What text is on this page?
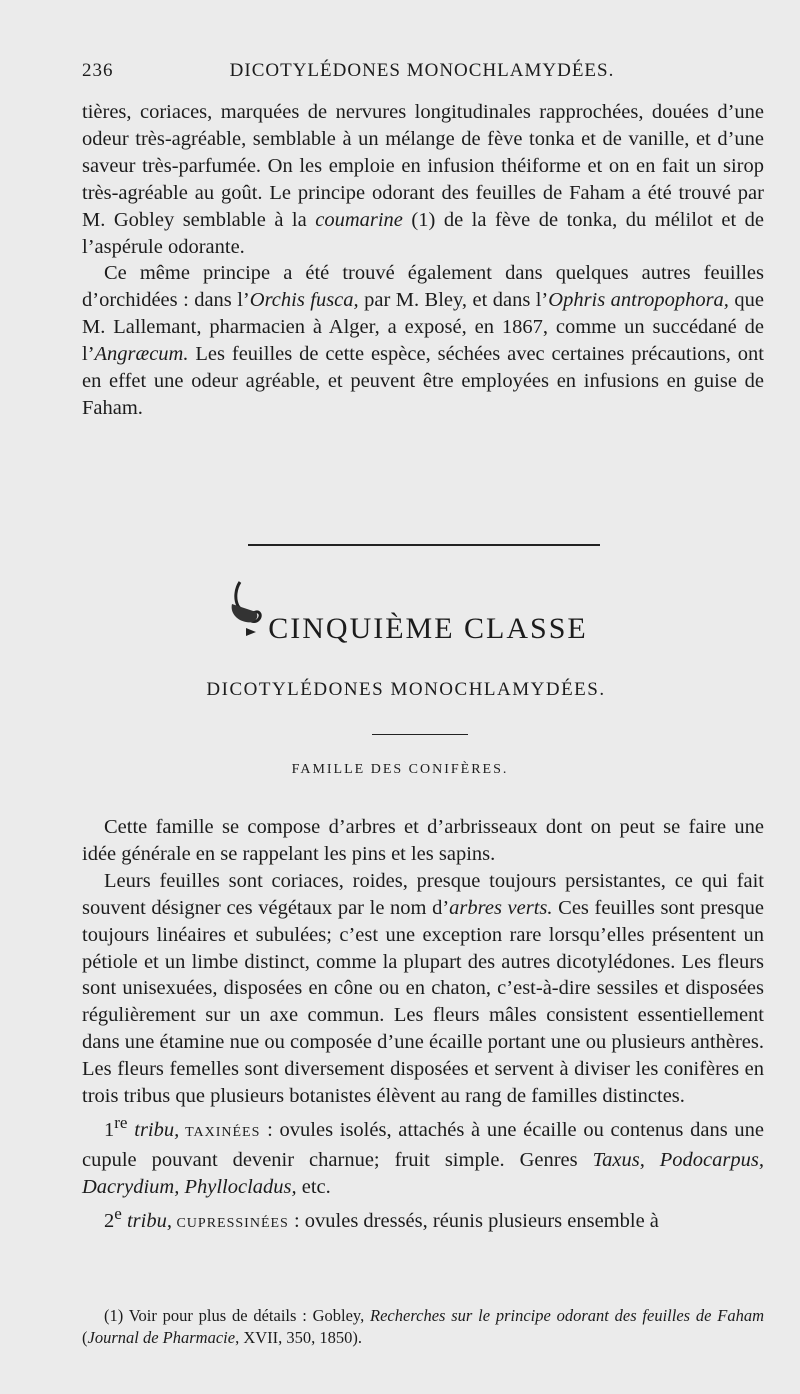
236	DICOTYLÉDONES MONOCHLAMYDÉES.

tières, coriaces, marquées de nervures longitudinales rapprochées, douées d’une odeur très-agréable, semblable à un mélange de fève tonka et de vanille, et d’une saveur très-parfumée. On les emploie en infusion théiforme et on en fait un sirop très-agréable au goût. Le principe odorant des feuilles de Faham a été trouvé par M. Gobley semblable à la coumarine (1) de la fève de tonka, du mélilot et de l’aspérule odorante.

Ce même principe a été trouvé également dans quelques autres feuilles d’orchidées : dans l’Orchis fusca, par M. Bley, et dans l’Ophris antropophora, que M. Lallemant, pharmacien à Alger, a exposé, en 1867, comme un succédané de l’Angræcum. Les feuilles de cette espèce, séchées avec certaines précautions, ont en effet une odeur agréable, et peuvent être employées en infusions en guise de Faham.

CINQUIÈME CLASSE
DICOTYLÉDONES MONOCHLAMYDÉES.
FAMILLE DES CONIFÈRES.

Cette famille se compose d’arbres et d’arbrisseaux dont on peut se faire une idée générale en se rappelant les pins et les sapins.

Leurs feuilles sont coriaces, roides, presque toujours persistantes, ce qui fait souvent désigner ces végétaux par le nom d’arbres verts. Ces feuilles sont presque toujours linéaires et subulées; c’est une exception rare lorsqu’elles présentent un pétiole et un limbe distinct, comme la plupart des autres dicotylédones. Les fleurs sont unisexuées, disposées en cône ou en chaton, c’est-à-dire sessiles et disposées régulièrement sur un axe commun. Les fleurs mâles consistent essentiellement dans une étamine nue ou composée d’une écaille portant une ou plusieurs anthères. Les fleurs femelles sont diversement disposées et servent à diviser les conifères en trois tribus que plusieurs botanistes élèvent au rang de familles distinctes.

1re tribu, TAXINÉES : ovules isolés, attachés à une écaille ou contenus dans une cupule pouvant devenir charnue; fruit simple. Genres Taxus, Podocarpus, Dacrydium, Phyllocladus, etc.

2e tribu, CUPRESSINÉES : ovules dressés, réunis plusieurs ensemble à

(1) Voir pour plus de détails : Gobley, Recherches sur le principe odorant des feuilles de Faham (Journal de Pharmacie, XVII, 350, 1850).
